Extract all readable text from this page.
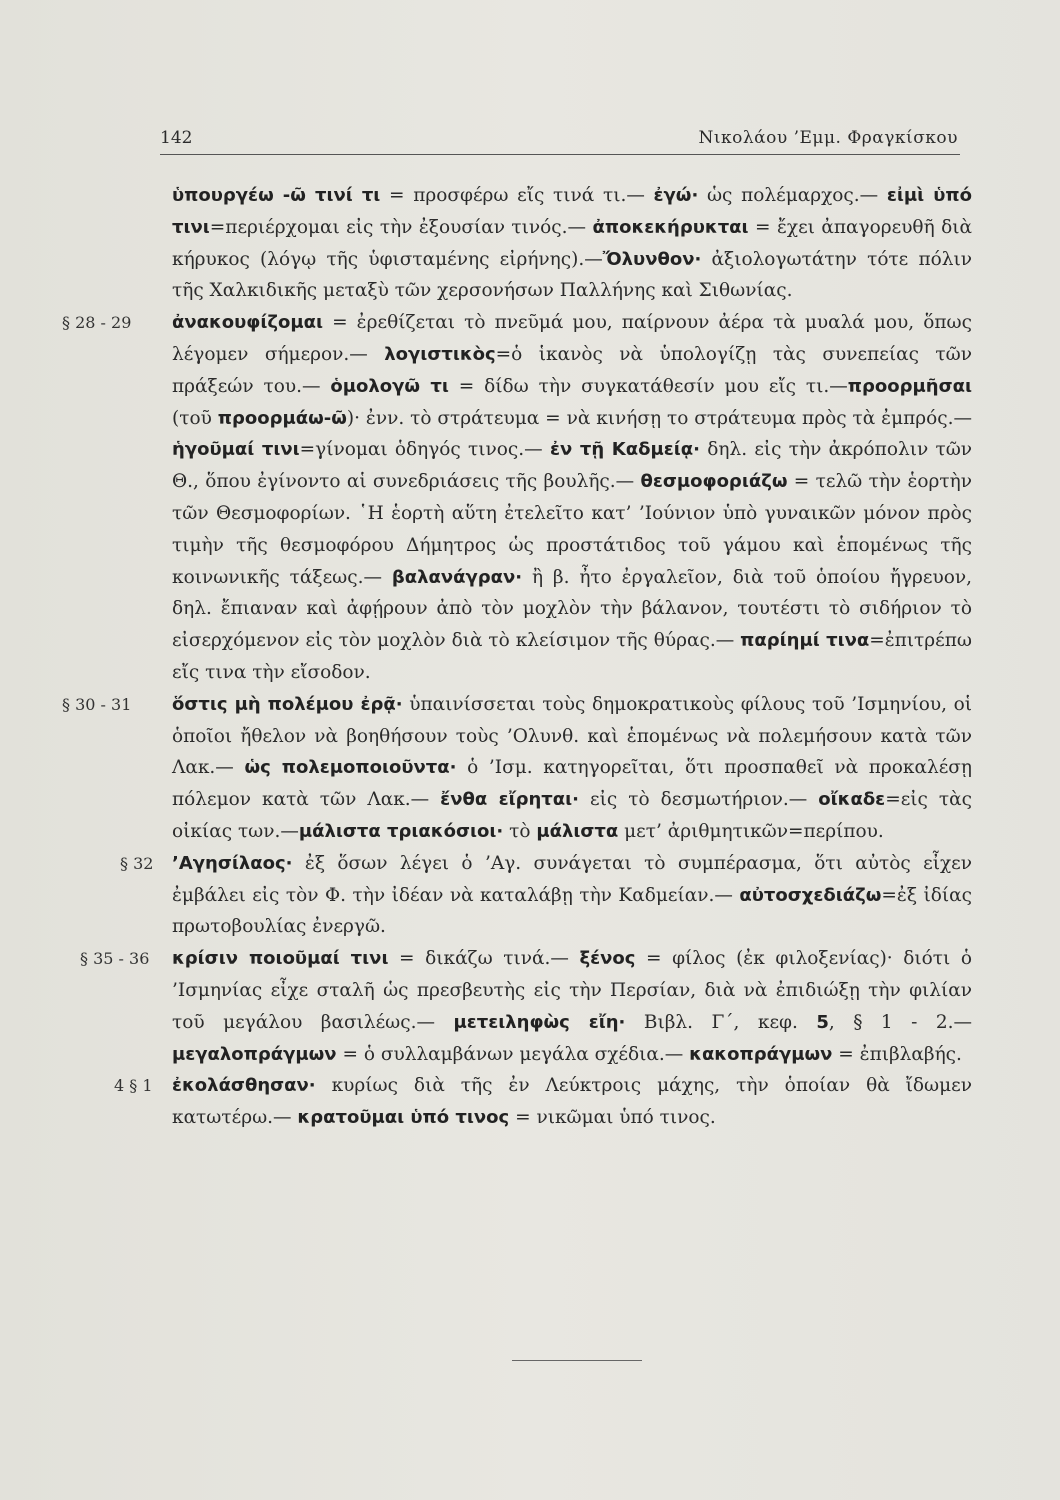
142	Νικολάου ’Εμμ. Φραγκίσκου
ὑπουργέω -ῶ τινί τι = προσφέρω εἴς τινά τι.— ἐγώ· ὡς πολέμαρχος.— εἰμὶ ὑπό τινι=περιέρχομαι εἰς τὴν ἐξουσίαν τινός.— ἀποκεκήρυκται = ἔχει ἀπαγορευθῆ διὰ κήρυκος (λόγῳ τῆς ὑφισταμένης εἰρήνης).—Ὄλυνθον· ἀξιολογωτάτην τότε πόλιν τῆς Χαλκιδικῆς μεταξὺ τῶν χερσονήσων Παλλήνης καὶ Σιθωνίας.
§ 28 - 29	ἀνακουφίζομαι = ἐρεθίζεται τὸ πνεῦμά μου, παίρνουν ἀέρα τὰ μυαλά μου, ὅπως λέγομεν σήμερον.— λογιστικὸς=ὁ ἱκανὸς νὰ ὑπολογίζῃ τὰς συνεπείας τῶν πράξεών του.— ὁμολογῶ τι = δίδω τὴν συγκατάθεσίν μου εἴς τι.—προορμῆσαι (τοῦ προορμάω-ῶ)· ἐνν. τὸ στράτευμα = νὰ κινήσῃ το στράτευμα πρὸς τὰ ἐμπρός.— ἡγοῦμαί τινι=γίνομαι ὁδηγός τινος.— ἐν τῇ Καδμείᾳ· δηλ. εἰς τὴν ἀκρόπολιν τῶν Θ., ὅπου ἐγίνοντο αἱ συνεδριάσεις τῆς βουλῆς.— θεσμοφοριάζω = τελῶ τὴν ἑορτὴν τῶν Θεσμοφορίων. ῾Η ἑορτὴ αὕτη ἐτελεῖτο κατ’ ’Ιούνιον ὑπὸ γυναικῶν μόνον πρὸς τιμὴν τῆς θεσμοφόρου Δήμητρος ὡς προστάτιδος τοῦ γάμου καὶ ἑπομένως τῆς κοινωνικῆς τάξεως.— βαλανάγραν· ἢ β. ἦτο ἐργαλεῖον, διὰ τοῦ ὁποίου ἤγρευον, δηλ. ἔπιαναν καὶ ἀφῄρουν ἀπὸ τὸν μοχλὸν τὴν βάλανον, τουτέστι τὸ σιδήριον τὸ εἰσερχόμενον εἰς τὸν μοχλὸν διὰ τὸ κλείσιμον τῆς θύρας.— παρίημί τινα=ἐπιτρέπω εἴς τινα τὴν εἴσοδον.
§ 30 - 31	ὅστις μὴ πολέμου ἐρᾷ· ὑπαινίσσεται τοὺς δημοκρατικοὺς φίλους τοῦ ’Ισμηνίου, οἱ ὁποῖοι ἤθελον νὰ βοηθήσουν τοὺς ’Ολυνθ. καὶ ἑπομένως νὰ πολεμήσουν κατὰ τῶν Λακ.— ὡς πολεμοποιοῦντα· ὁ ’Ισμ. κατηγορεῖται, ὅτι προσπαθεῖ νὰ προκαλέσῃ πόλεμον κατὰ τῶν Λακ.— ἔνθα εἴρηται· εἰς τὸ δεσμωτήριον.— οἴκαδε=εἰς τὰς οἰκίας των.—μάλιστα τριακόσιοι· τὸ μάλιστα μετ’ ἀριθμητικῶν=περίπου.
§ 32	’Αγησίλαος· ἐξ ὅσων λέγει ὁ ’Αγ. συνάγεται τὸ συμπέρασμα, ὅτι αὐτὸς εἶχεν ἐμβάλει εἰς τὸν Φ. τὴν ἰδέαν νὰ καταλάβῃ τὴν Καδμείαν.— αὐτοσχεδιάζω=ἐξ ἰδίας πρωτοβουλίας ἐνεργῶ.
§ 35 - 36	κρίσιν ποιοῦμαί τινι = δικάζω τινά.— ξένος = φίλος (ἐκ φιλοξενίας)· διότι ὁ ’Ισμηνίας εἶχε σταλῆ ὡς πρεσβευτὴς εἰς τὴν Περσίαν, διὰ νὰ ἐπιδιώξῃ τὴν φιλίαν τοῦ μεγάλου βασιλέως.— μετειληφὼς εἴη· Βιβλ. Γ΄, κεφ. 5, § 1 - 2.— μεγαλοπράγμων = ὁ συλλαμβάνων μεγάλα σχέδια.— κακοπράγμων = ἐπιβλαβής.
4 § 1	ἐκολάσθησαν· κυρίως διὰ τῆς ἐν Λεύκτροις μάχης, τὴν ὁποίαν θὰ ἴδωμεν κατωτέρω.— κρατοῦμαι ὑπό τινος = νικῶμαι ὑπό τινος.
